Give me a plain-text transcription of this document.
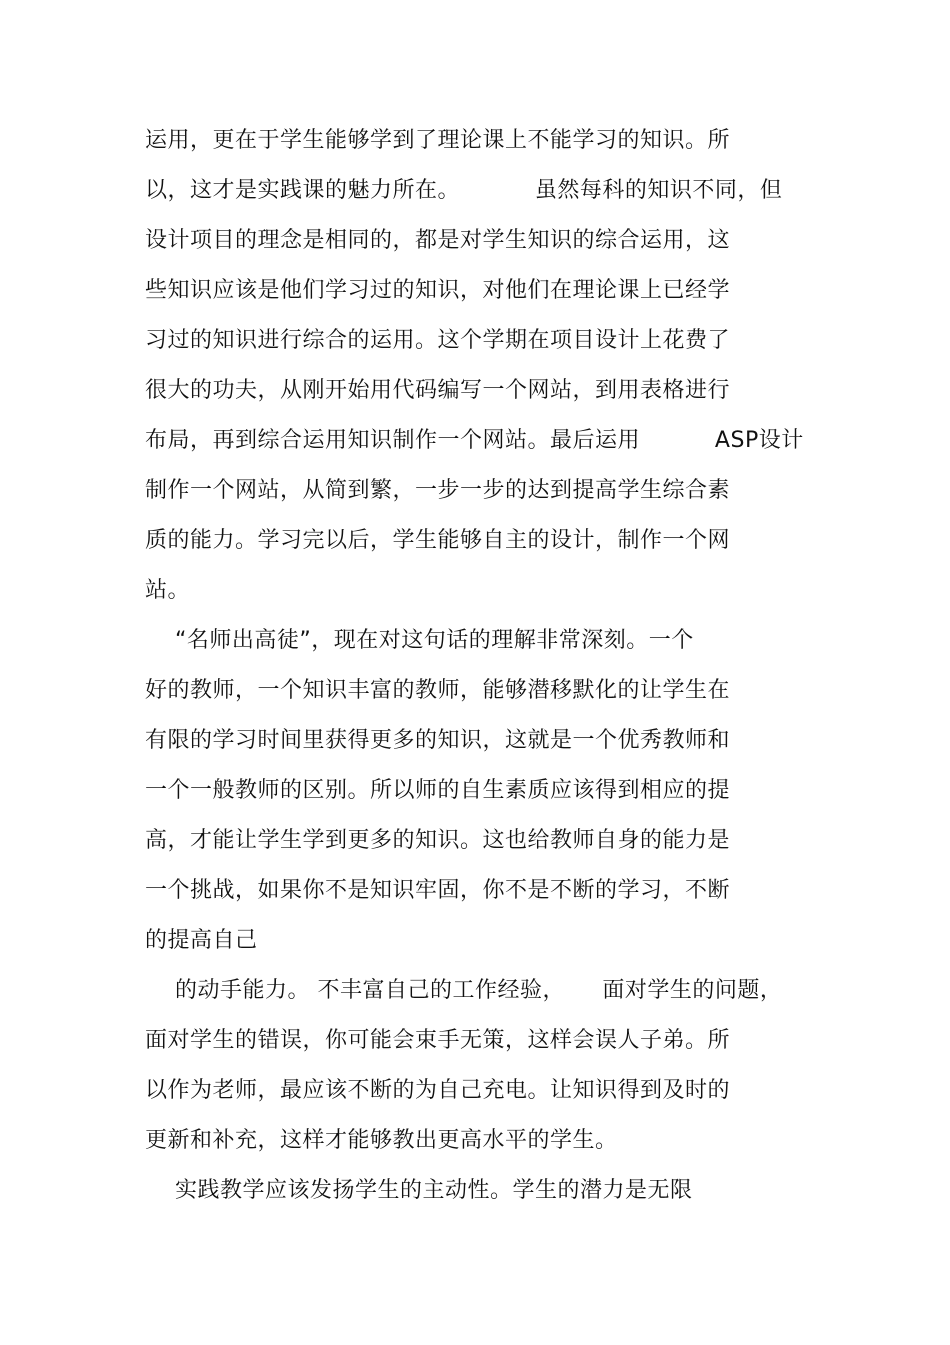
运用，更在于学生能够学到了理论课上不能学习的知识。所
以，这才是实践课的魅力所在。          虽然每科的知识不同，但
设计项目的理念是相同的，都是对学生知识的综合运用，这
些知识应该是他们学习过的知识，对他们在理论课上已经学
习过的知识进行综合的运用。这个学期在项目设计上花费了
很大的功夫，从刚开始用代码编写一个网站，到用表格进行
布局，再到综合运用知识制作一个网站。最后运用          ASP设计
制作一个网站，从简到繁，一步一步的达到提高学生综合素
质的能力。学习完以后，学生能够自主的设计，制作一个网
站。
“名师出高徒”，现在对这句话的理解非常深刻。一个
好的教师，一个知识丰富的教师，能够潜移默化的让学生在
有限的学习时间里获得更多的知识，这就是一个优秀教师和
一个一般教师的区别。所以师的自生素质应该得到相应的提
高，才能让学生学到更多的知识。这也给教师自身的能力是
一个挑战，如果你不是知识牢固，你不是不断的学习，不断
的提高自己
的动手能力。 不丰富自己的工作经验，     面对学生的问题，
面对学生的错误，你可能会束手无策，这样会误人子弟。所
以作为老师，最应该不断的为自己充电。让知识得到及时的
更新和补充，这样才能够教出更高水平的学生。
实践教学应该发扬学生的主动性。学生的潜力是无限
